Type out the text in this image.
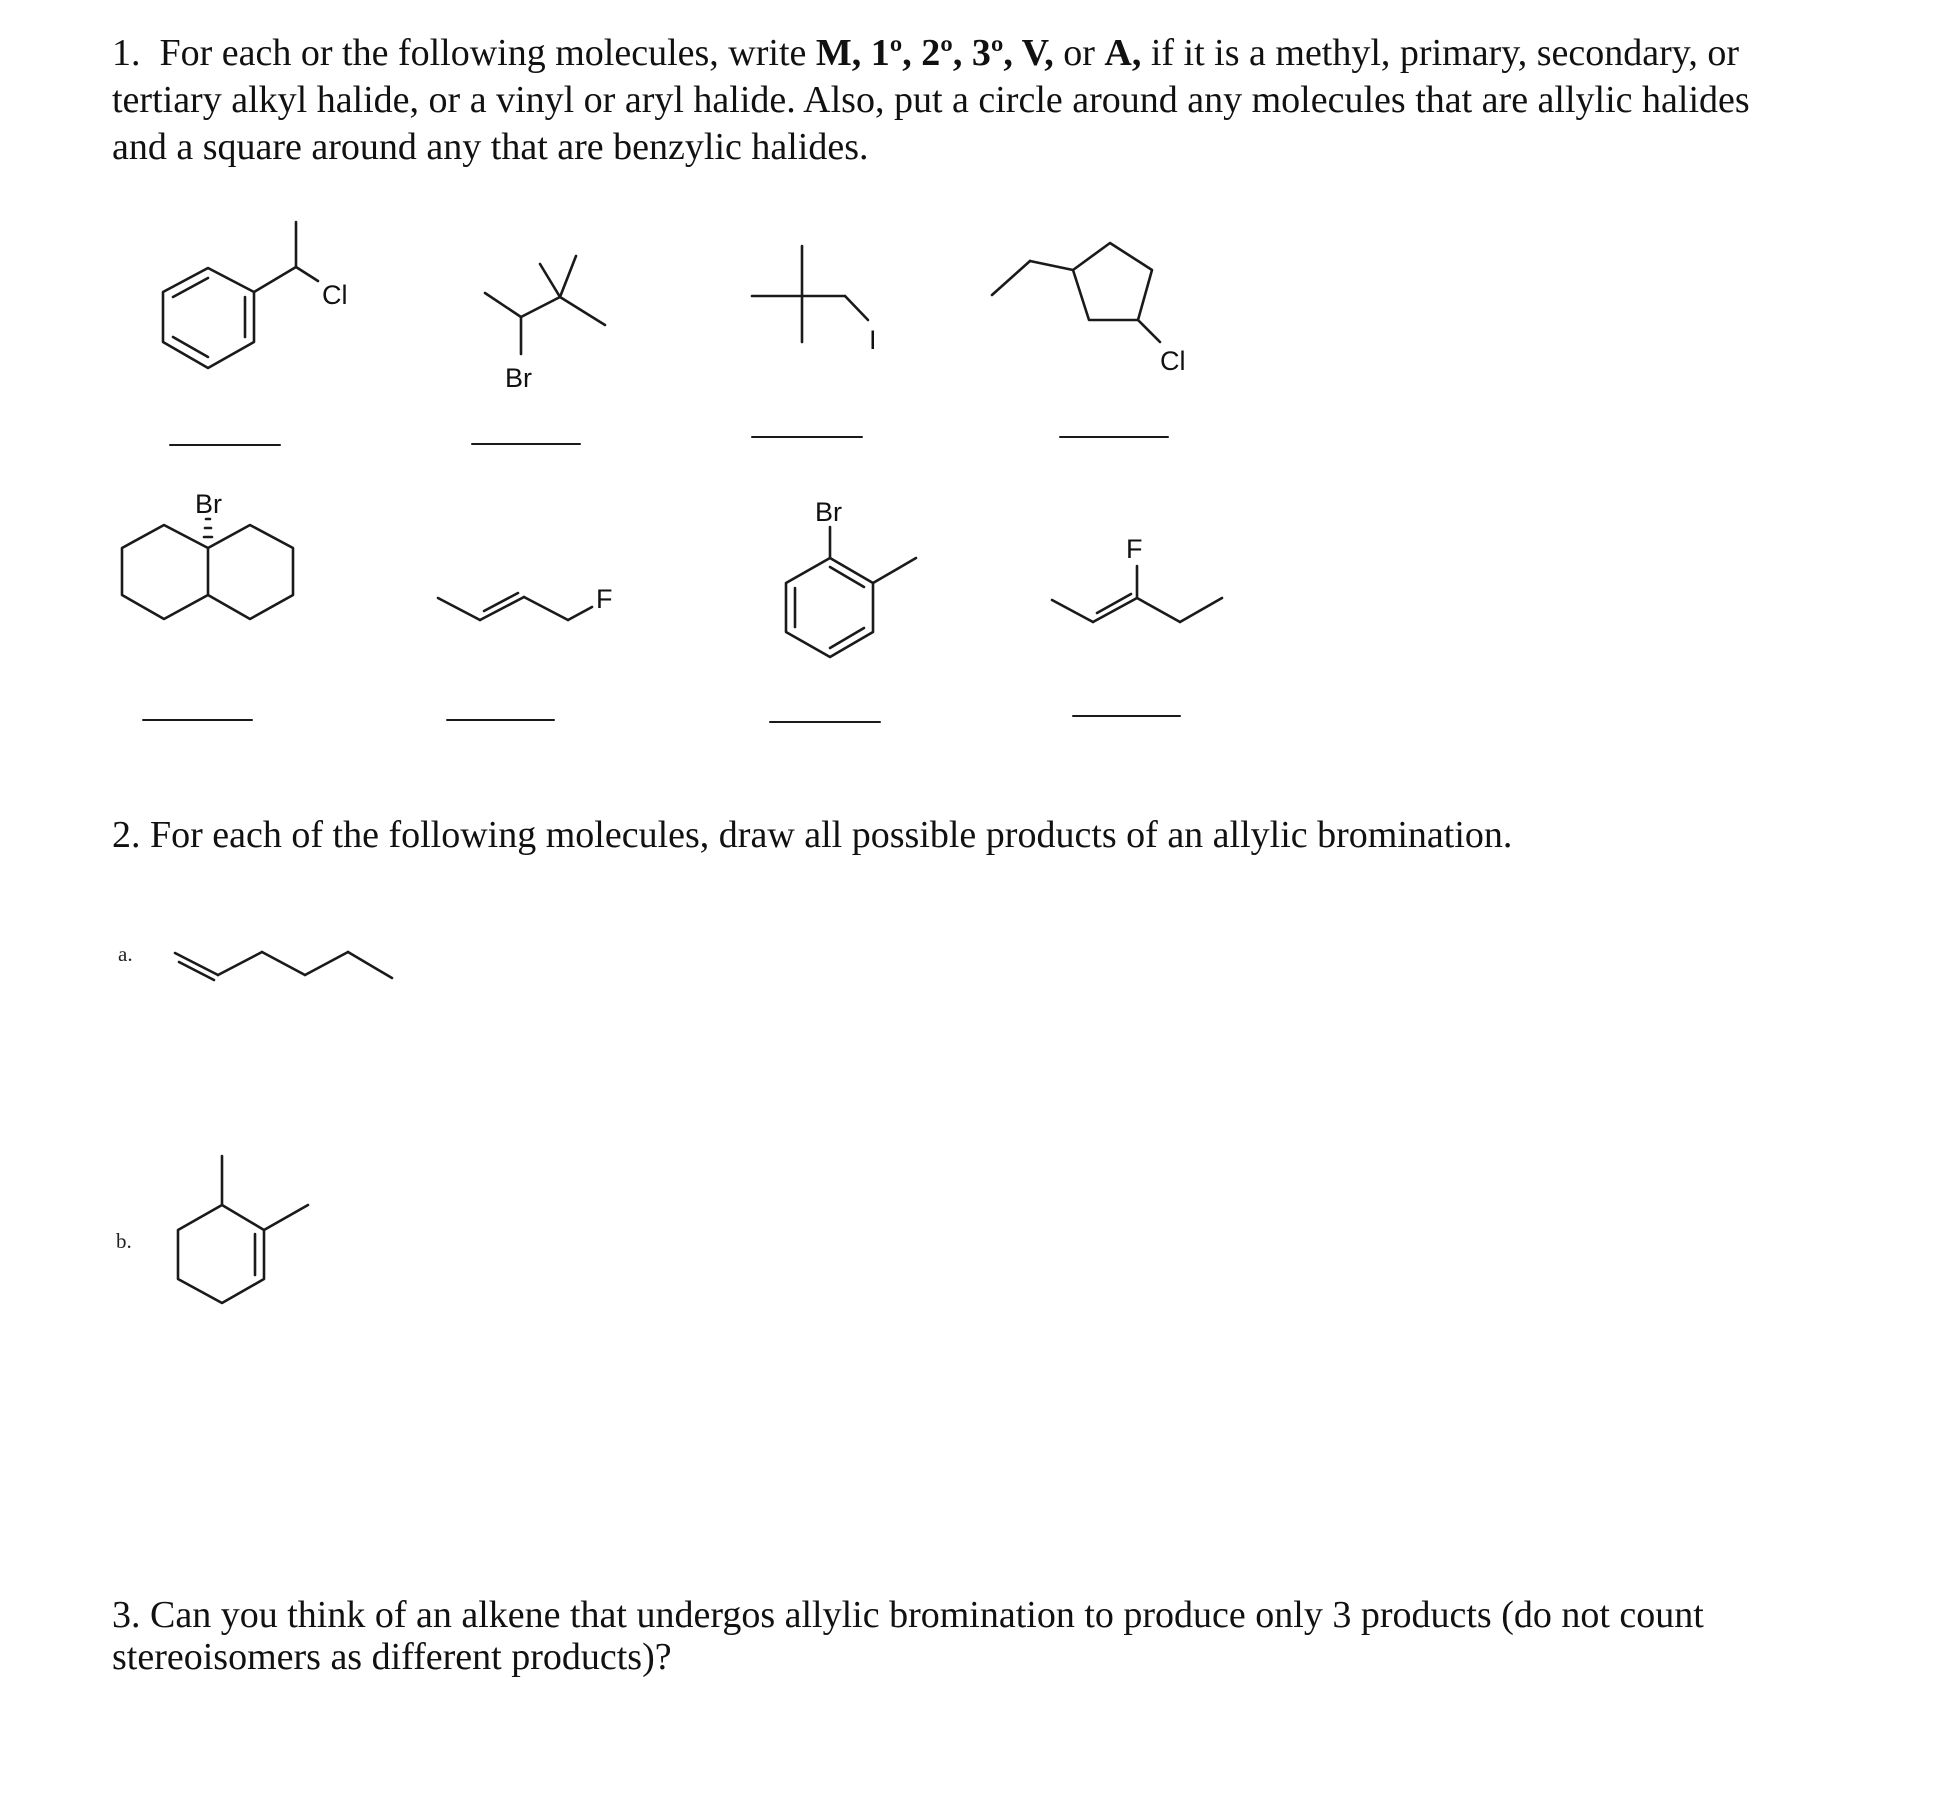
1. For each or the following molecules, write M, 1º, 2º, 3º, V, or A, if it is a methyl, primary, secondary, or

tertiary alkyl halide, or a vinyl or aryl halide. Also, put a circle around any molecules that are allylic halides

and a square around any that are benzylic halides.

Cl
Br
I
Cl
Br
F
Br
F

2. For each of the following molecules, draw all possible products of an allylic bromination.

a.
b.

3. Can you think of an alkene that undergos allylic bromination to produce only 3 products (do not count

stereoisomers as different products)?
